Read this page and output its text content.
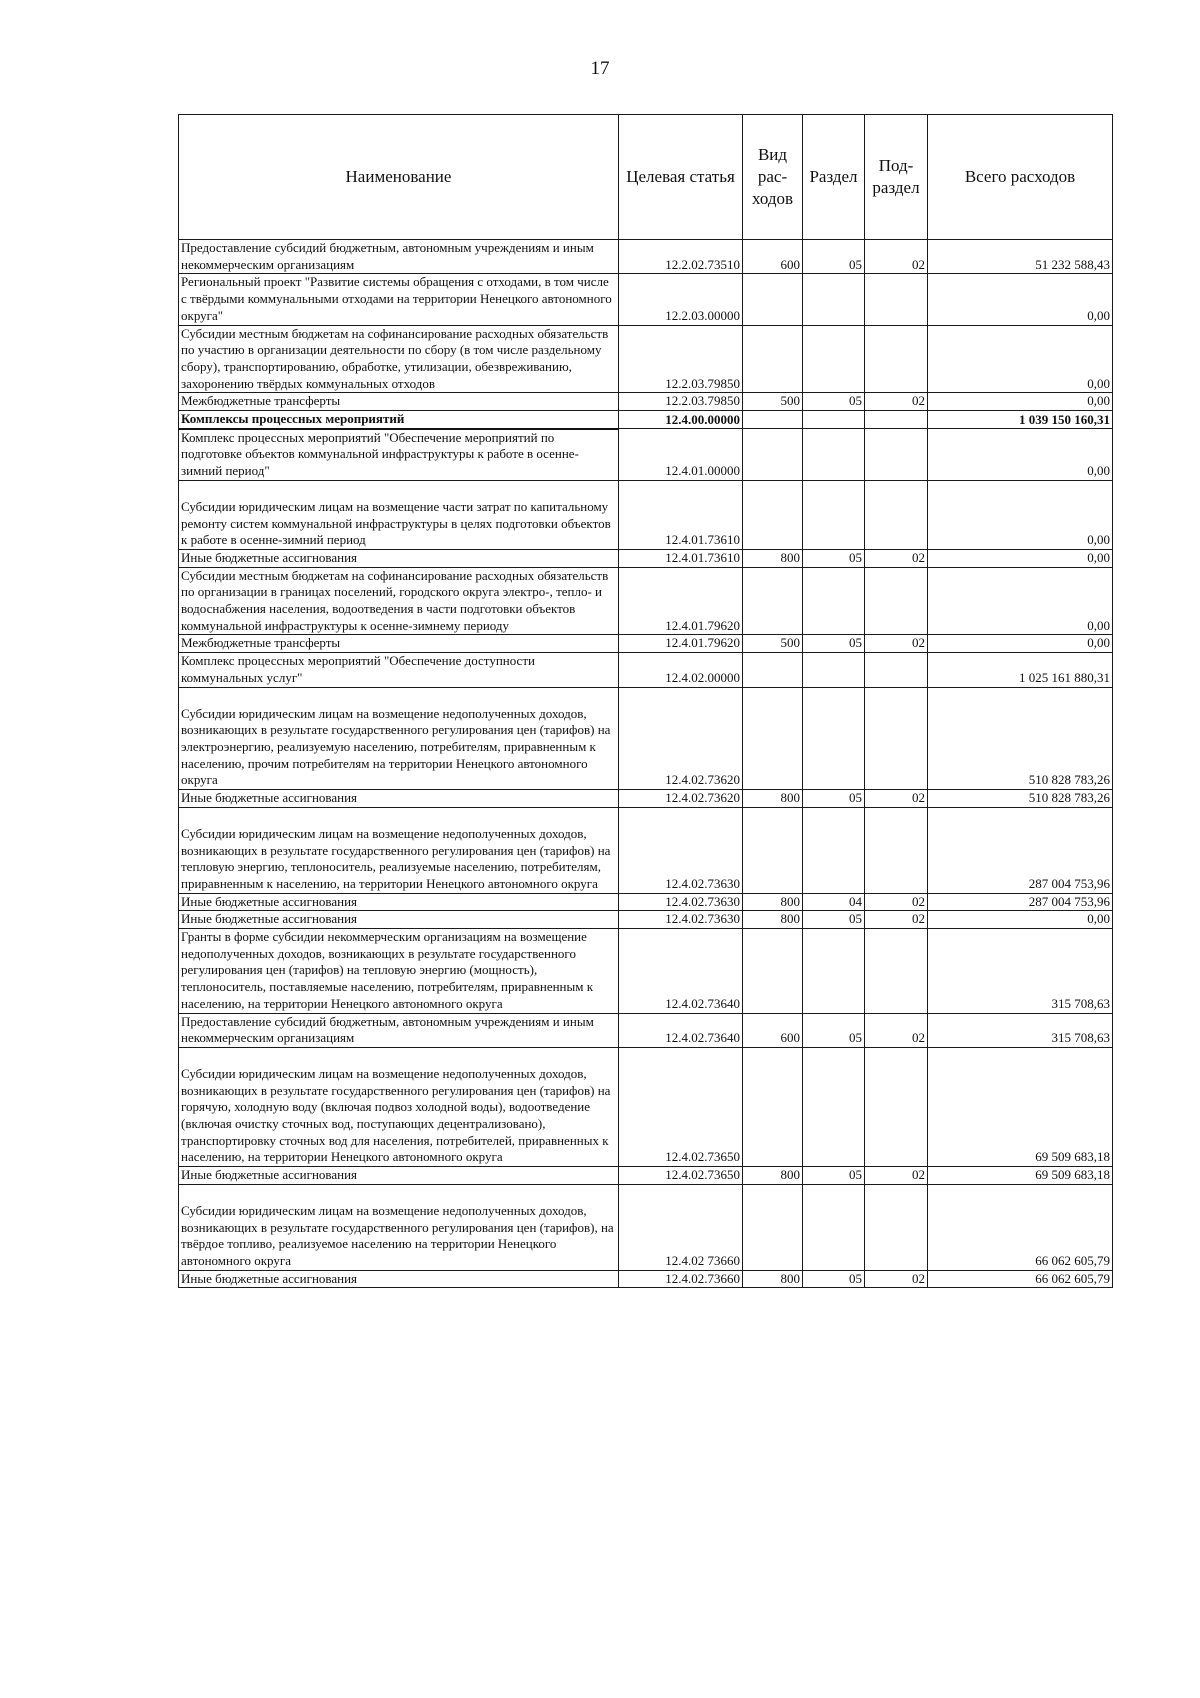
17
Наименование	Целевая статья	Вид рас-ходов	Раздел	Под-раздел	Всего расходов
Предоставление субсидий бюджетным, автономным учреждениям и иным некоммерческим организациям	12.2.02.73510	600	05	02	51 232 588,43
Региональный проект "Развитие системы обращения с отходами, в том числе с твёрдыми коммунальными отходами на территории Ненецкого автономного округа"	12.2.03.00000				0,00
Субсидии местным бюджетам на софинансирование расходных обязательств по участию в организации деятельности по сбору (в том числе раздельному сбору), транспортированию, обработке, утилизации, обезвреживанию, захоронению твёрдых коммунальных отходов	12.2.03.79850				0,00
Межбюджетные трансферты	12.2.03.79850	500	05	02	0,00
Комплексы процессных мероприятий	12.4.00.00000				1 039 150 160,31
Комплекс процессных мероприятий "Обеспечение мероприятий по подготовке объектов коммунальной инфраструктуры к работе в осенне-зимний период"	12.4.01.00000				0,00
Субсидии юридическим лицам на возмещение части затрат по капитальному ремонту систем коммунальной инфраструктуры в целях подготовки объектов к работе в осенне-зимний период	12.4.01.73610				0,00
Иные бюджетные ассигнования	12.4.01.73610	800	05	02	0,00
Субсидии местным бюджетам на софинансирование расходных обязательств по организации в границах поселений, городского округа электро-, тепло- и водоснабжения населения, водоотведения в части подготовки объектов коммунальной инфраструктуры к осенне-зимнему периоду	12.4.01.79620				0,00
Межбюджетные трансферты	12.4.01.79620	500	05	02	0,00
Комплекс процессных мероприятий "Обеспечение доступности коммунальных услуг"	12.4.02.00000				1 025 161 880,31
Субсидии юридическим лицам на возмещение недополученных доходов, возникающих в результате государственного регулирования цен (тарифов) на электроэнергию, реализуемую населению, потребителям, приравненным к населению, прочим потребителям на территории Ненецкого автономного округа	12.4.02.73620				510 828 783,26
Иные бюджетные ассигнования	12.4.02.73620	800	05	02	510 828 783,26
Субсидии юридическим лицам на возмещение недополученных доходов, возникающих в результате государственного регулирования цен (тарифов) на тепловую энергию, теплоноситель, реализуемые населению, потребителям, приравненным к населению, на территории Ненецкого автономного округа	12.4.02.73630				287 004 753,96
Иные бюджетные ассигнования	12.4.02.73630	800	04	02	287 004 753,96
Иные бюджетные ассигнования	12.4.02.73630	800	05	02	0,00
Гранты в форме субсидии некоммерческим организациям на возмещение недополученных доходов, возникающих в результате государственного регулирования цен (тарифов) на тепловую энергию (мощность), теплоноситель, поставляемые населению, потребителям, приравненным к населению, на территории Ненецкого автономного округа	12.4.02.73640				315 708,63
Предоставление субсидий бюджетным, автономным учреждениям и иным некоммерческим организациям	12.4.02.73640	600	05	02	315 708,63
Субсидии юридическим лицам на возмещение недополученных доходов, возникающих в результате государственного регулирования цен (тарифов) на горячую, холодную воду (включая подвоз холодной воды), водоотведение (включая очистку сточных вод, поступающих децентрализовано), транспортировку сточных вод для населения, потребителей, приравненных к населению, на территории Ненецкого автономного округа	12.4.02.73650				69 509 683,18
Иные бюджетные ассигнования	12.4.02.73650	800	05	02	69 509 683,18
Субсидии юридическим лицам на возмещение недополученных доходов, возникающих в результате государственного регулирования цен (тарифов), на твёрдое топливо, реализуемое населению на территории Ненецкого автономного округа	12.4.02 73660				66 062 605,79
Иные бюджетные ассигнования	12.4.02.73660	800	05	02	66 062 605,79
